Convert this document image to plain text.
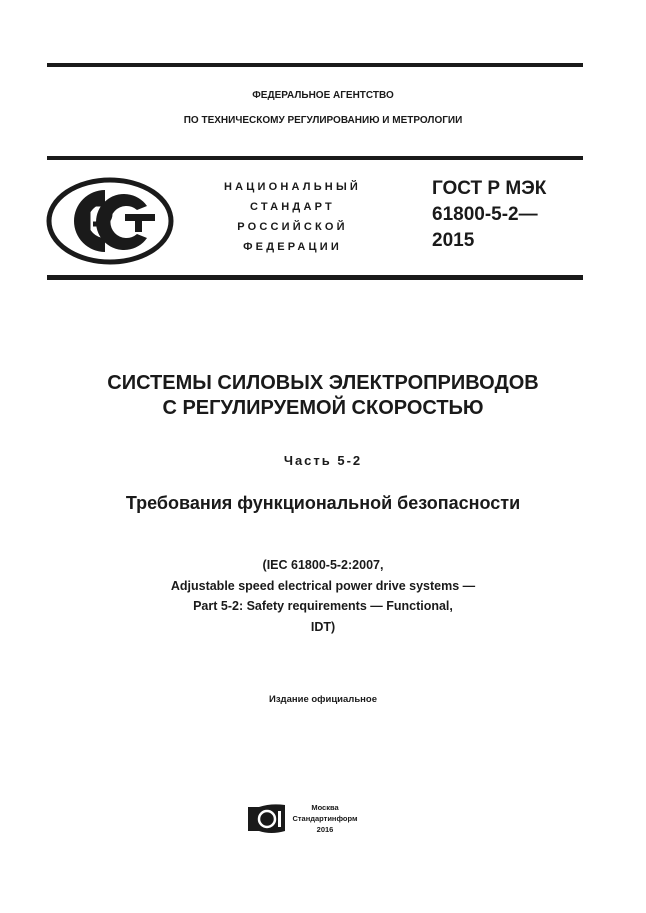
ФЕДЕРАЛЬНОЕ АГЕНТСТВО
ПО ТЕХНИЧЕСКОМУ РЕГУЛИРОВАНИЮ И МЕТРОЛОГИИ
НАЦИОНАЛЬНЫЙ
СТАНДАРТ
РОССИЙСКОЙ
ФЕДЕРАЦИИ
ГОСТ Р МЭК
61800-5-2—
2015
СИСТЕМЫ СИЛОВЫХ ЭЛЕКТРОПРИВОДОВ
С РЕГУЛИРУЕМОЙ СКОРОСТЬЮ
Часть 5-2
Требования функциональной безопасности
(IEC 61800-5-2:2007,
Adjustable speed electrical power drive systems —
Part 5-2: Safety requirements — Functional,
IDT)
Издание официальное
Москва
Стандартинформ
2016
